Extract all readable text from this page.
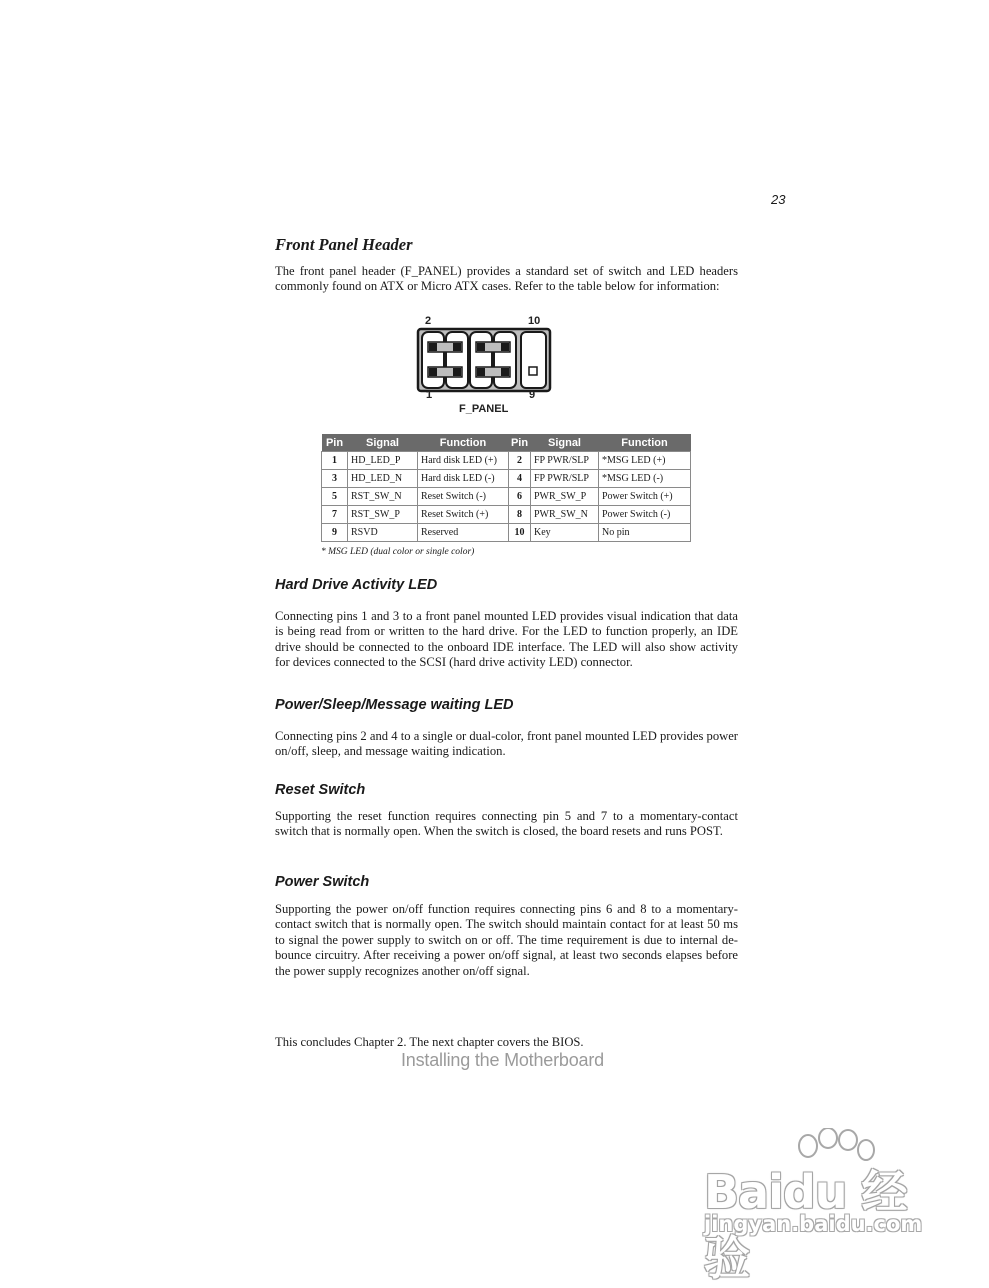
23
Front Panel Header
The front panel header (F_PANEL) provides a standard set of switch and LED headers commonly found on ATX or Micro ATX cases. Refer to the table below for information:
2	10
1	9
F_PANEL
Pin	Signal	Function	Pin	Signal	Function
1	HD_LED_P	Hard disk LED (+)	2	FP PWR/SLP	*MSG LED (+)
3	HD_LED_N	Hard disk LED (-)	4	FP PWR/SLP	*MSG LED (-)
5	RST_SW_N	Reset Switch (-)	6	PWR_SW_P	Power Switch (+)
7	RST_SW_P	Reset Switch (+)	8	PWR_SW_N	Power Switch (-)
9	RSVD	Reserved	10	Key	No pin
* MSG LED (dual color or single color)
Hard Drive Activity LED
Connecting pins 1 and 3 to a front panel mounted LED provides visual indication that data is being read from or written to the hard drive. For the LED to function properly, an IDE drive should be connected to the onboard IDE interface. The LED will also show activity for devices connected to the SCSI (hard drive activity LED) connector.
Power/Sleep/Message waiting LED
Connecting pins 2 and 4 to a single or dual-color, front panel mounted LED provides power on/off, sleep, and message waiting indication.
Reset Switch
Supporting the reset function requires connecting pin 5 and 7 to a momentary-contact switch that is normally open. When the switch is closed, the board resets and runs POST.
Power Switch
Supporting the power on/off function requires connecting pins 6 and 8 to a momentary-contact switch that is normally open. The switch should maintain contact for at least 50 ms to signal the power supply to switch on or off. The time requirement is due to internal de-bounce circuitry. After receiving a power on/off signal, at least two seconds elapses before the power supply recognizes another on/off signal.
This concludes Chapter 2. The next chapter covers the BIOS.
Installing the Motherboard
Baidu 经验
jingyan.baidu.com
